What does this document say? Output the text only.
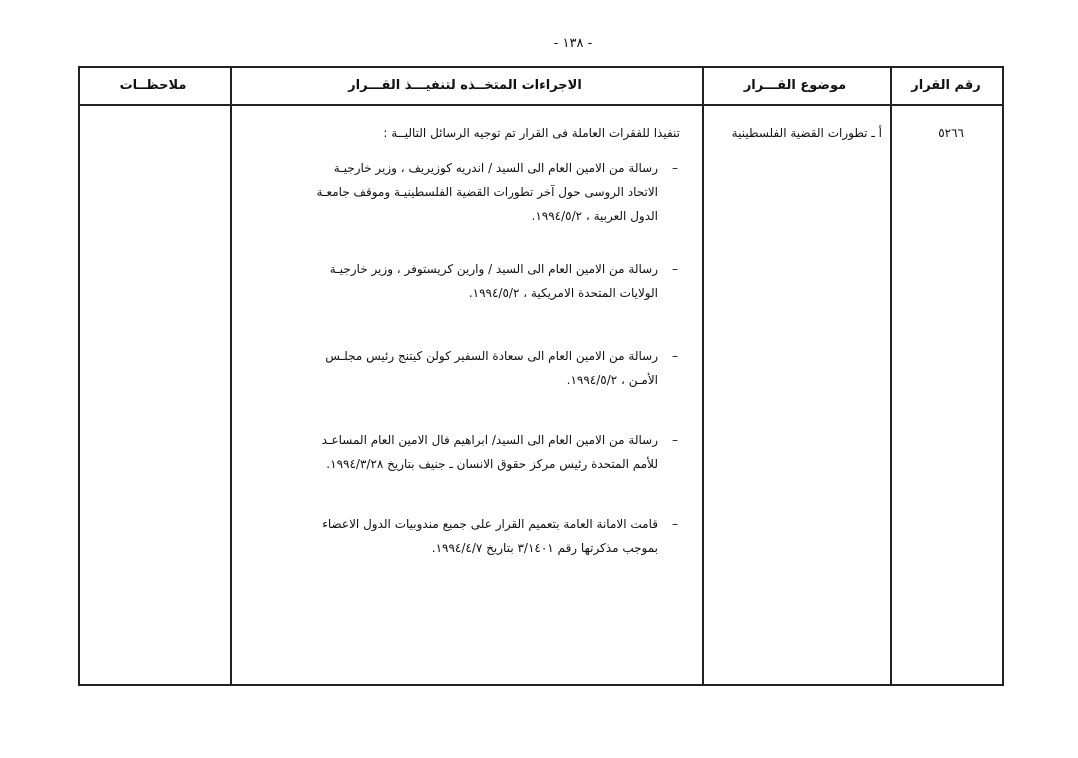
- ١٣٨ -
رقم القرار
موضوع القـــرار
الاجراءات المتخــذه لتنفيـــذ القـــرار
ملاحظــات
٥٢٦٦
أ ـ تطورات القضية الفلسطينية
تنفيذا للفقرات العاملة فى القرار تم توجيه الرسائل التاليــة :
–

رسالة من الامين العام الى السيد / اندريه كوزيريف ، وزير خارجيـة

الاتحاد الروسى حول آخر تطورات القضية الفلسطينيـة وموقف جامعـة

الدول العربية ، ١٩٩٤/٥/٢.

–

رسالة من الامين العام الى السيد / وارين كريستوفر ، وزير خارجيـة

الولايات المتحدة الامريكية ، ١٩٩٤/٥/٢.

–

رسالة من الامين العام الى سعادة السفير كولن كيتنج رئيس مجلـس

الأمـن ، ١٩٩٤/٥/٢.

–

رسالة من الامين العام الى السيد/ ابراهيم فال الامين العام المساعـد

للأمم المتحدة رئيس مركز حقوق الانسان ـ جنيف بتاريخ ١٩٩٤/٣/٢٨.

–

قامت الامانة العامة بتعميم القرار على جميع مندوبيات الدول الاعضاء

بموجب مذكرتها رقم ٣/١٤٠١ بتاريخ ١٩٩٤/٤/٧.
